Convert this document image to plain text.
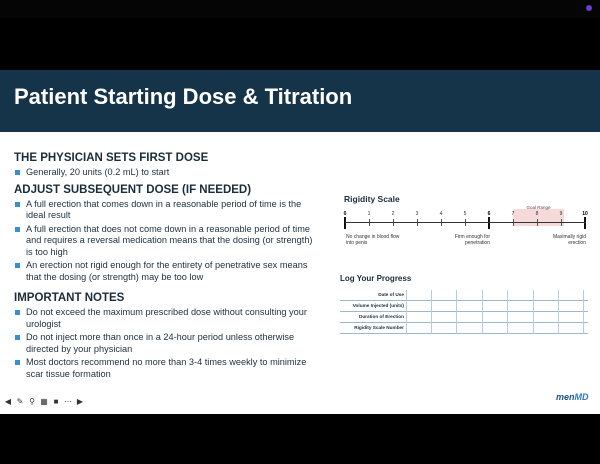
Patient Starting Dose & Titration
THE PHYSICIAN SETS FIRST DOSE
Generally, 20 units (0.2 mL) to start
ADJUST SUBSEQUENT DOSE (IF NEEDED)
A full erection that comes down in a reasonable period of time is the ideal result
A full erection that does not come down in a reasonable period of time and requires a reversal medication means that the dosing (or strength) is too high
An erection not rigid enough for the entirety of penetrative sex means that the dosing (or strength) may be too low
IMPORTANT NOTES
Do not exceed the maximum prescribed dose without consulting your urologist
Do not inject more than once in a 24-hour period unless otherwise directed by your physician
Most doctors recommend no more than 3-4 times weekly to minimize scar tissue formation
Rigidity Scale
Goal Range
0	1	2	3	4	5	6	7	8	9	10
No change in blood flow into penis
Firm enough for penetration
Maximally rigid erection
Log Your Progress
Date of Use
Volume Injected (units)
Duration of Erection
Rigidity Scale Number
menMD
◀ ✎ ⚲ ▦ ■ ⋯ ▶
